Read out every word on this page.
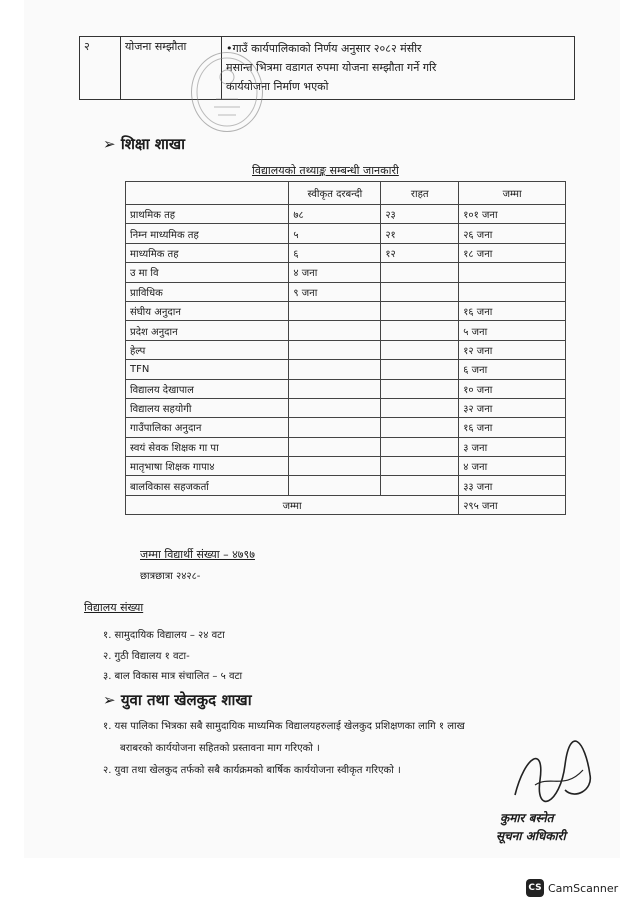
२	योजना सम्झौता	•गाउँ कार्यपालिकाको निर्णय अनुसार २०८२ मंसीर
मसान्त भित्रमा वडागत रुपमा योजना सम्झौता गर्ने गरि
कार्ययोजना निर्माण भएको
➢ शिक्षा शाखा
विद्यालयको तथ्याङ्क सम्बन्धी जानकारी
	स्वीकृत दरबन्दी	राहत	जम्मा
प्राथमिक तह	७८	२३	१०१ जना
निम्न माध्यमिक तह	५	२१	२६ जना
माध्यमिक तह	६	१२	१८ जना
उ मा वि	४ जना		
प्राविधिक	९ जना		
संघीय अनुदान			१६ जना
प्रदेश अनुदान			५ जना
हेल्प			१२ जना
TFN			६ जना
विद्यालय देखापाल			१० जना
विद्यालय सहयोगी			३२ जना
गाउँपालिका अनुदान			१६ जना
स्वयं सेवक शिक्षक गा पा			३ जना
मातृभाषा शिक्षक गापा४			४ जना
बालविकास सहजकर्ता			३३ जना
जम्मा			२९५ जना
जम्मा विद्यार्थी संख्या – ४७९७
छात्रछात्रा २४२८-
विद्यालय संख्या
१. सामुदायिक विद्यालय – २४ वटा
२. गुठी विद्यालय १ वटा-
३. बाल विकास मात्र संचालित – ५ वटा
➢ युवा तथा खेलकुद शाखा
१. यस पालिका भित्रका सबै सामुदायिक माध्यमिक विद्यालयहरुलाई खेलकुद प्रशिक्षणका लागि १ लाख
बराबरको कार्ययोजना सहितको प्रस्तावना माग गरिएको ।
२. युवा तथा खेलकुद तर्फको सबै कार्यक्रमको बार्षिक कार्ययोजना स्वीकृत गरिएको ।
कुमार बस्नेत
सूचना अधिकारी
CS CamScanner
